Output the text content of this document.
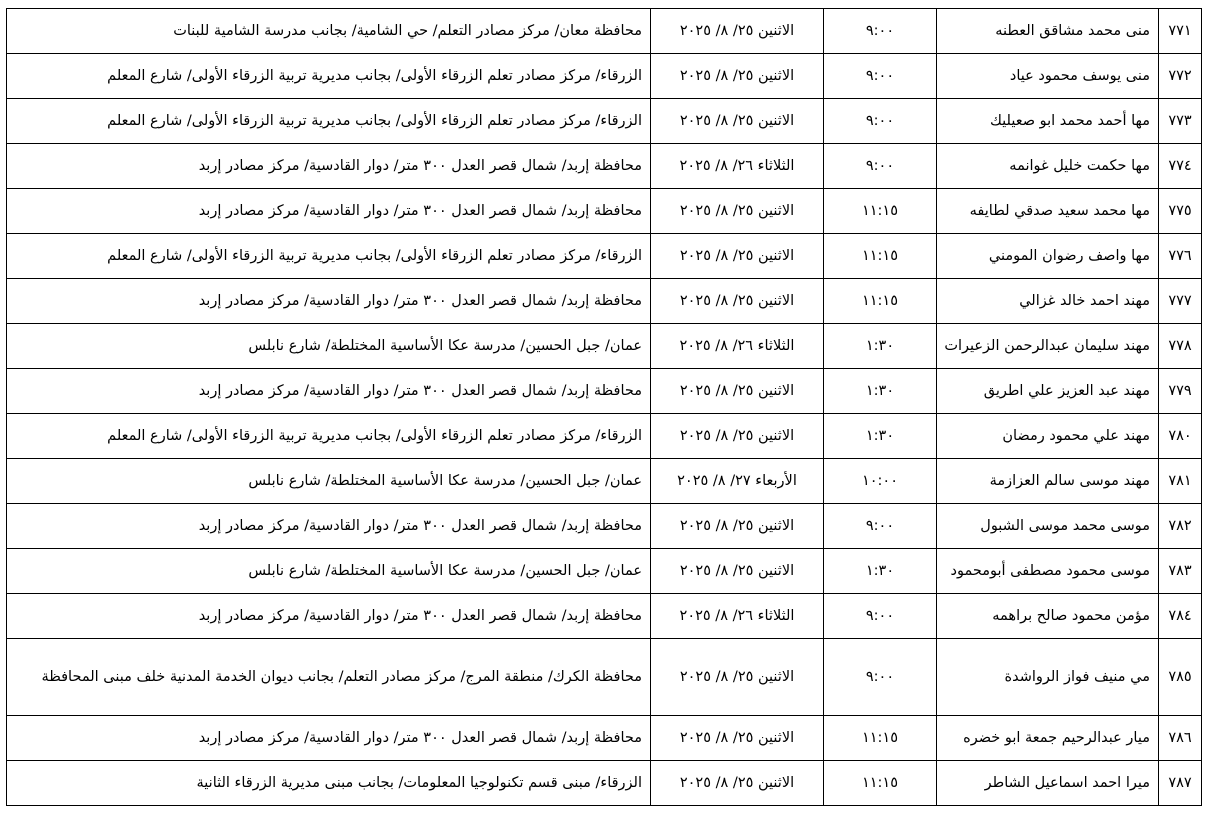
٧٧١	منى محمد مشاقق العطنه	٩:٠٠	الاثنين ٢٥/ ٨/ ٢٠٢٥	محافظة معان/ مركز مصادر التعلم/ حي الشامية/ بجانب مدرسة الشامية للبنات
٧٧٢	منى يوسف محمود عياد	٩:٠٠	الاثنين ٢٥/ ٨/ ٢٠٢٥	الزرقاء/ مركز مصادر تعلم الزرقاء الأولى/ بجانب مديرية تربية الزرقاء الأولى/ شارع المعلم
٧٧٣	مها أحمد محمد ابو صعيليك	٩:٠٠	الاثنين ٢٥/ ٨/ ٢٠٢٥	الزرقاء/ مركز مصادر تعلم الزرقاء الأولى/ بجانب مديرية تربية الزرقاء الأولى/ شارع المعلم
٧٧٤	مها حكمت خليل غوانمه	٩:٠٠	الثلاثاء ٢٦/ ٨/ ٢٠٢٥	محافظة إربد/ شمال قصر العدل ٣٠٠ متر/ دوار القادسية/ مركز مصادر إربد
٧٧٥	مها محمد سعيد صدقي لطايفه	١١:١٥	الاثنين ٢٥/ ٨/ ٢٠٢٥	محافظة إربد/ شمال قصر العدل ٣٠٠ متر/ دوار القادسية/ مركز مصادر إربد
٧٧٦	مها واصف رضوان المومني	١١:١٥	الاثنين ٢٥/ ٨/ ٢٠٢٥	الزرقاء/ مركز مصادر تعلم الزرقاء الأولى/ بجانب مديرية تربية الزرقاء الأولى/ شارع المعلم
٧٧٧	مهند احمد خالد غزالي	١١:١٥	الاثنين ٢٥/ ٨/ ٢٠٢٥	محافظة إربد/ شمال قصر العدل ٣٠٠ متر/ دوار القادسية/ مركز مصادر إربد
٧٧٨	مهند سليمان عبدالرحمن الزعيرات	١:٣٠	الثلاثاء ٢٦/ ٨/ ٢٠٢٥	عمان/ جبل الحسين/ مدرسة عكا الأساسية المختلطة/ شارع نابلس
٧٧٩	مهند عبد العزيز علي اطريق	١:٣٠	الاثنين ٢٥/ ٨/ ٢٠٢٥	محافظة إربد/ شمال قصر العدل ٣٠٠ متر/ دوار القادسية/ مركز مصادر إربد
٧٨٠	مهند علي محمود رمضان	١:٣٠	الاثنين ٢٥/ ٨/ ٢٠٢٥	الزرقاء/ مركز مصادر تعلم الزرقاء الأولى/ بجانب مديرية تربية الزرقاء الأولى/ شارع المعلم
٧٨١	مهند موسى سالم العزازمة	١٠:٠٠	الأربعاء ٢٧/ ٨/ ٢٠٢٥	عمان/ جبل الحسين/ مدرسة عكا الأساسية المختلطة/ شارع نابلس
٧٨٢	موسى محمد موسى الشبول	٩:٠٠	الاثنين ٢٥/ ٨/ ٢٠٢٥	محافظة إربد/ شمال قصر العدل ٣٠٠ متر/ دوار القادسية/ مركز مصادر إربد
٧٨٣	موسى محمود مصطفى أبومحمود	١:٣٠	الاثنين ٢٥/ ٨/ ٢٠٢٥	عمان/ جبل الحسين/ مدرسة عكا الأساسية المختلطة/ شارع نابلس
٧٨٤	مؤمن محمود صالح براهمه	٩:٠٠	الثلاثاء ٢٦/ ٨/ ٢٠٢٥	محافظة إربد/ شمال قصر العدل ٣٠٠ متر/ دوار القادسية/ مركز مصادر إربد
٧٨٥	مي منيف فواز الرواشدة	٩:٠٠	الاثنين ٢٥/ ٨/ ٢٠٢٥	محافظة الكرك/ منطقة المرج/ مركز مصادر التعلم/ بجانب ديوان الخدمة المدنية خلف مبنى المحافظة
٧٨٦	ميار عبدالرحيم جمعة ابو خضره	١١:١٥	الاثنين ٢٥/ ٨/ ٢٠٢٥	محافظة إربد/ شمال قصر العدل ٣٠٠ متر/ دوار القادسية/ مركز مصادر إربد
٧٨٧	ميرا احمد اسماعيل الشاطر	١١:١٥	الاثنين ٢٥/ ٨/ ٢٠٢٥	الزرقاء/ مبنى قسم تكنولوجيا المعلومات/ بجانب مبنى مديرية الزرقاء الثانية
